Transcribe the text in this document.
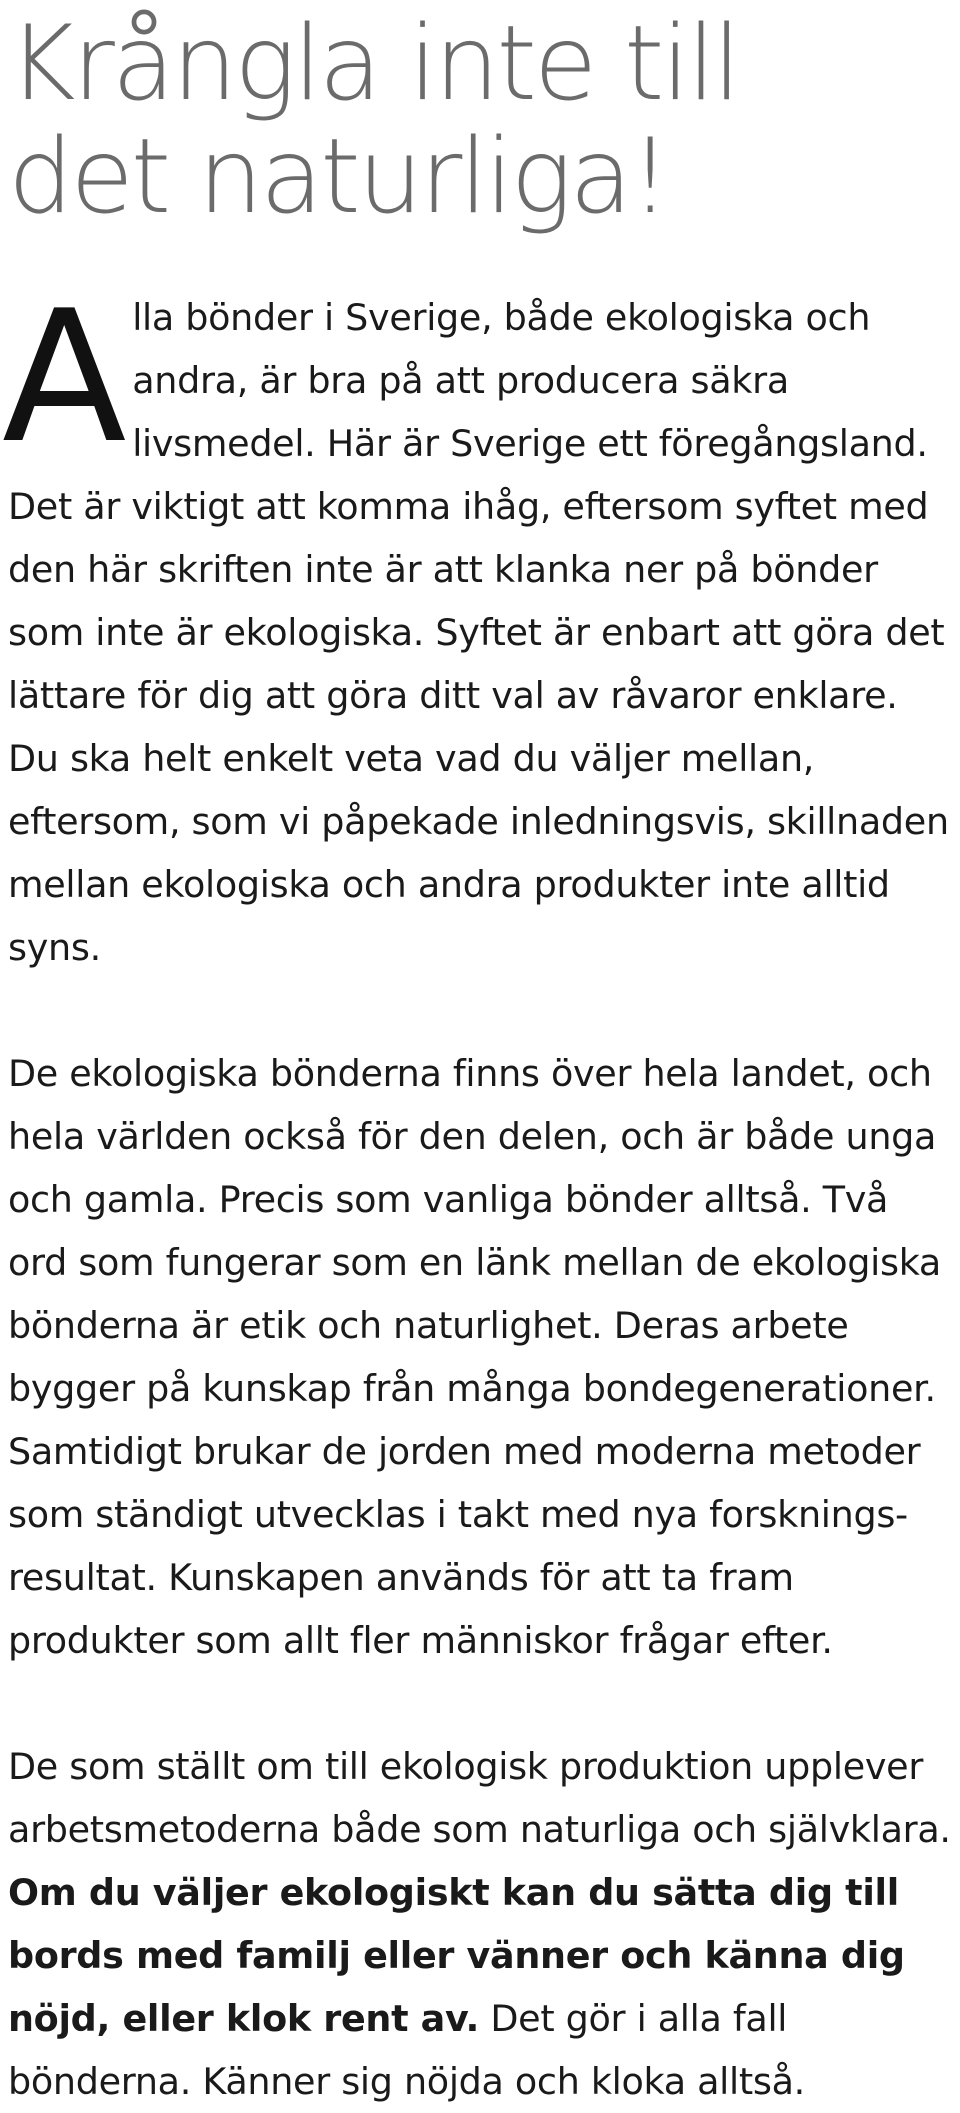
Krångla inte till
det naturliga!

Alla bönder i Sverige, både ekologiska och andra, är bra på att producera säkra livsmedel. Här är Sverige ett föregångsland. Det är viktigt att komma ihåg, eftersom syftet med den här skriften inte är att klanka ner på bönder som inte är ekologiska. Syftet är enbart att göra det lättare för dig att göra ditt val av råvaror enklare. Du ska helt enkelt veta vad du väljer mellan, eftersom, som vi påpekade inledningsvis, skillnaden mellan ekologiska och andra produkter inte alltid syns.

De ekologiska bönderna finns över hela landet, och hela världen också för den delen, och är både unga och gamla. Precis som vanliga bönder alltså. Två ord som fungerar som en länk mellan de ekologiska bönderna är etik och naturlighet. Deras arbete bygger på kunskap från många bondegenerationer. Samtidigt brukar de jorden med moderna metoder som ständigt utvecklas i takt med nya forsknings-resultat. Kunskapen används för att ta fram produkter som allt fler människor frågar efter.

De som ställt om till ekologisk produktion upplever arbetsmetoderna både som naturliga och självklara. Om du väljer ekologiskt kan du sätta dig till bords med familj eller vänner och känna dig nöjd, eller klok rent av. Det gör i alla fall bönderna. Känner sig nöjda och kloka alltså.
